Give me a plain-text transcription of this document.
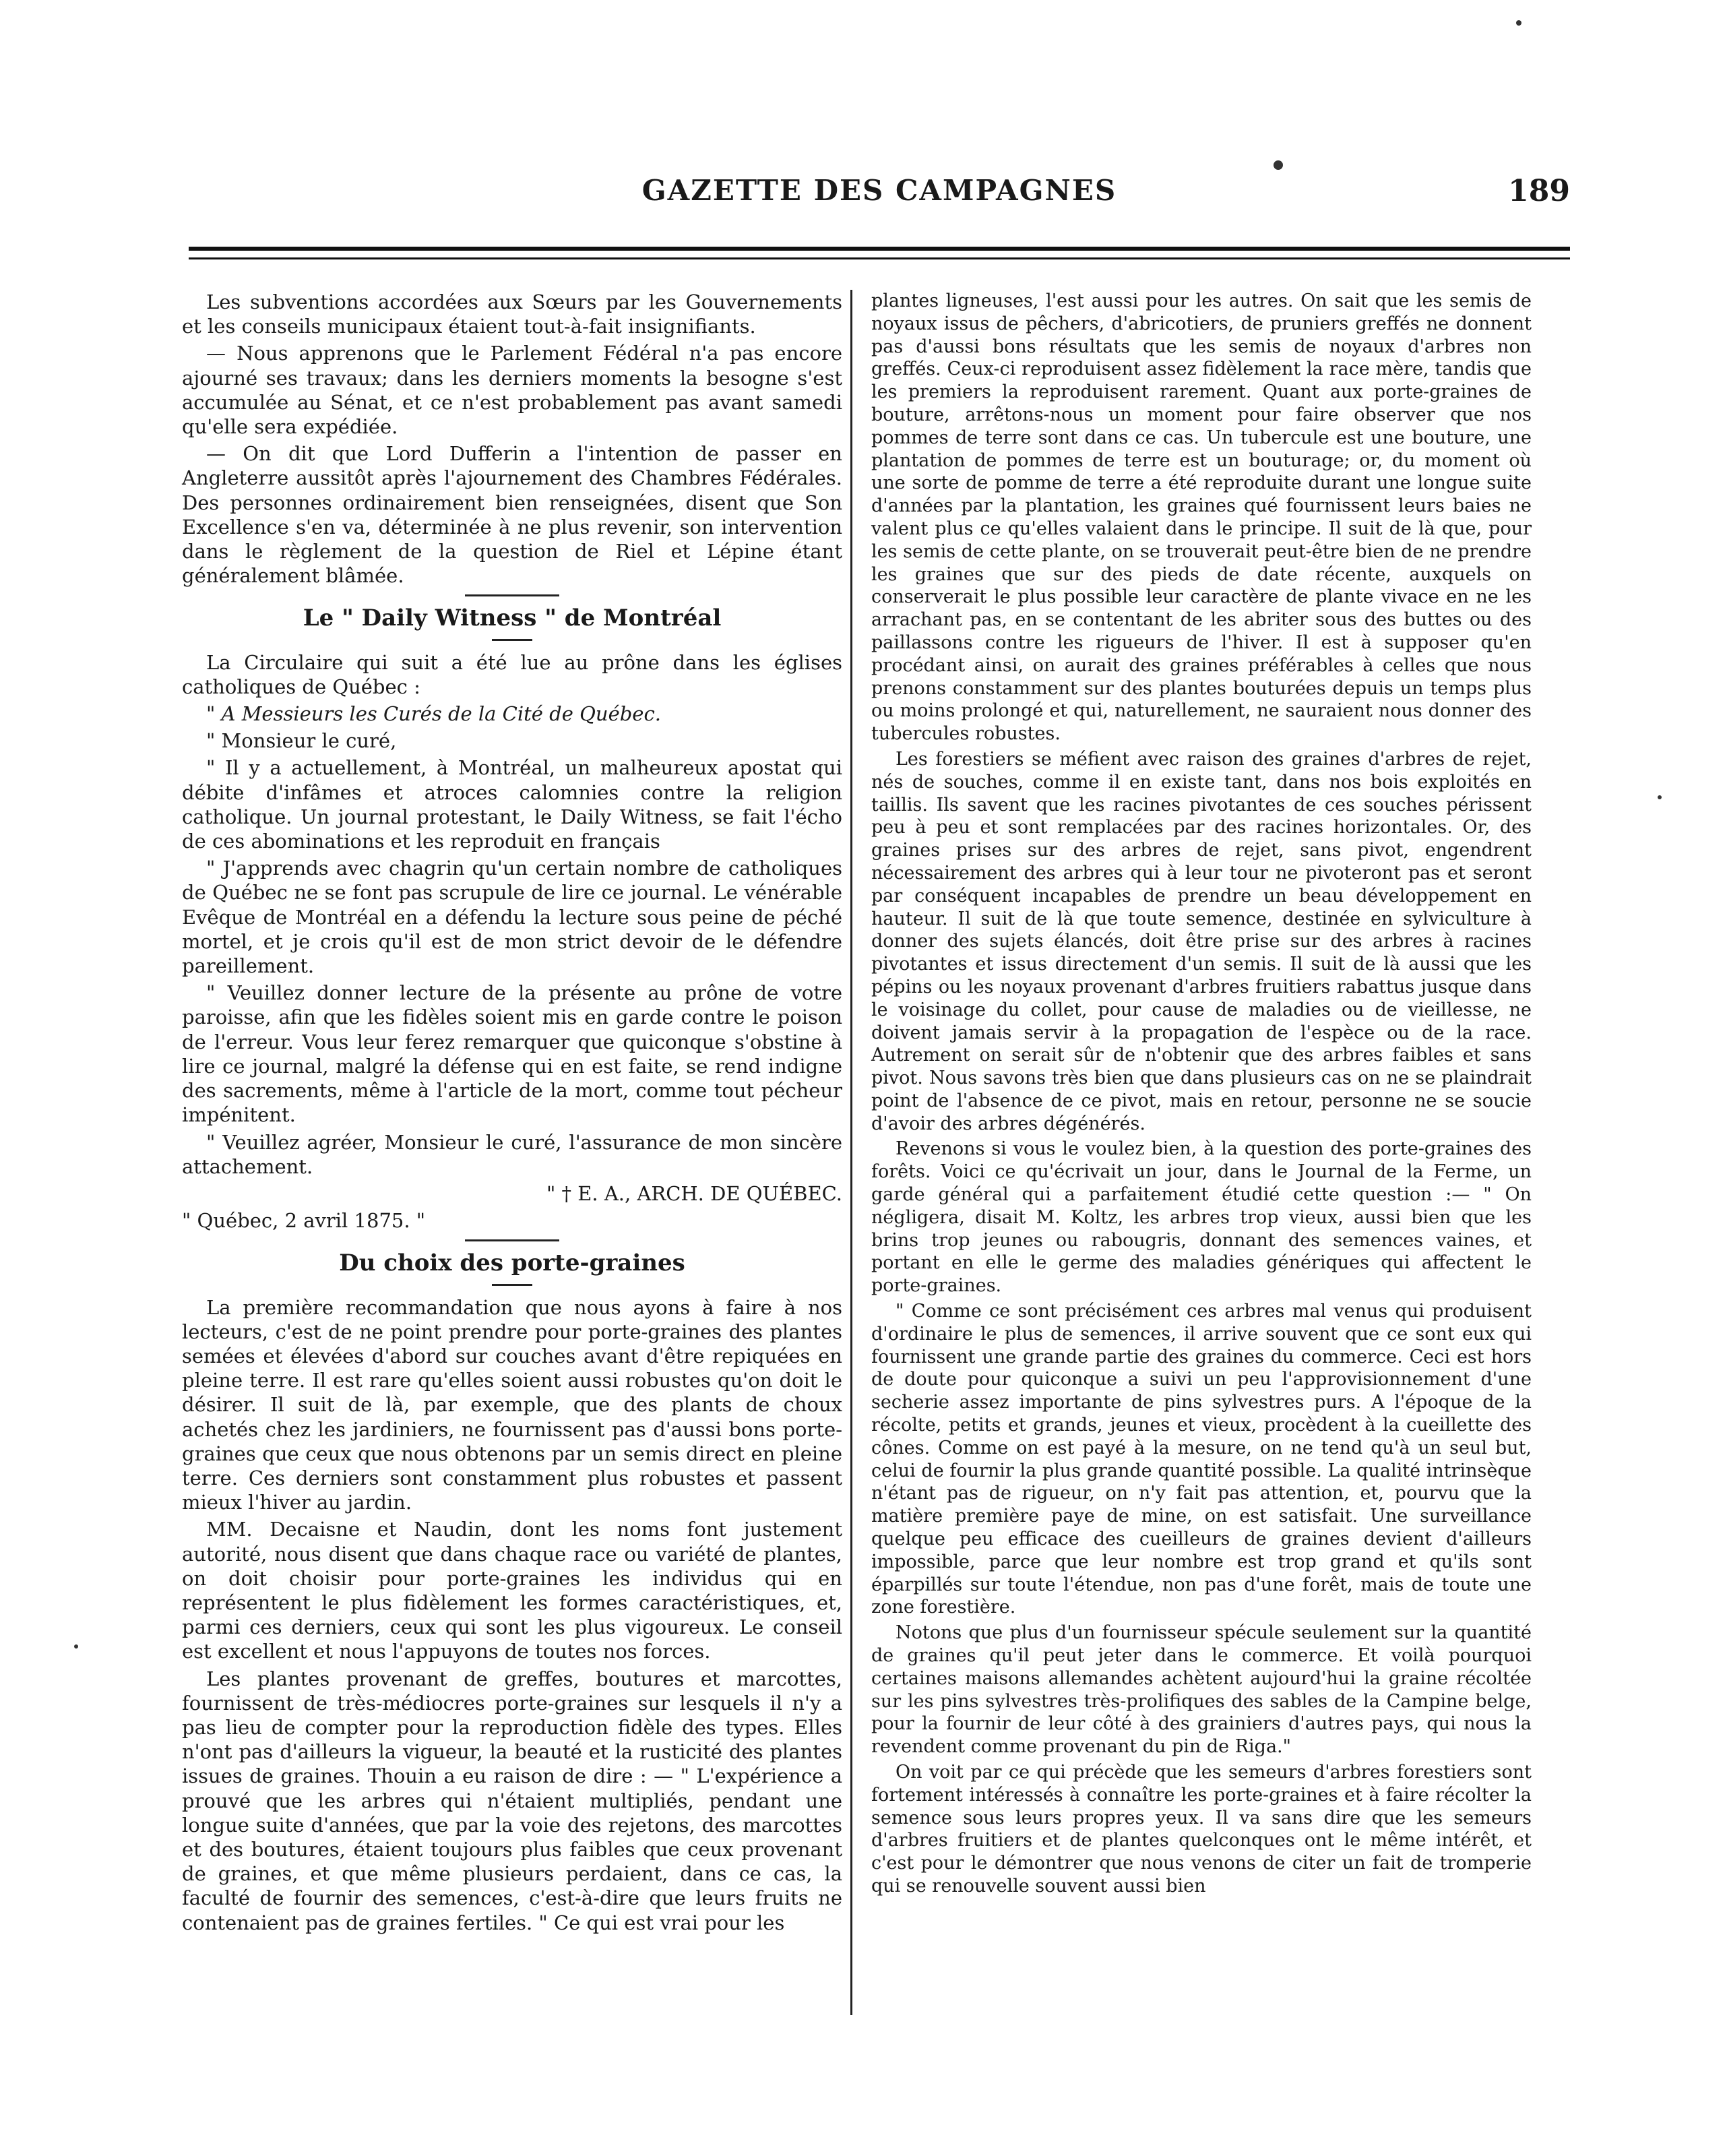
GAZETTE DES CAMPAGNES	189

Les subventions accordées aux Sœurs par les Gouvernements et les conseils municipaux étaient tout-à-fait insignifiants.

— Nous apprenons que le Parlement Fédéral n'a pas encore ajourné ses travaux; dans les derniers moments la besogne s'est accumulée au Sénat, et ce n'est probablement pas avant samedi qu'elle sera expédiée.

— On dit que Lord Dufferin a l'intention de passer en Angleterre aussitôt après l'ajournement des Chambres Fédérales. Des personnes ordinairement bien renseignées, disent que Son Excellence s'en va, déterminée à ne plus revenir, son intervention dans le règlement de la question de Riel et Lépine étant généralement blâmée.

Le " Daily Witness " de Montréal

La Circulaire qui suit a été lue au prône dans les églises catholiques de Québec :

" A Messieurs les Curés de la Cité de Québec.

" Monsieur le curé,

" Il y a actuellement, à Montréal, un malheureux apostat qui débite d'infâmes et atroces calomnies contre la religion catholique. Un journal protestant, le Daily Witness, se fait l'écho de ces abominations et les reproduit en français

" J'apprends avec chagrin qu'un certain nombre de catholiques de Québec ne se font pas scrupule de lire ce journal. Le vénérable Evêque de Montréal en a défendu la lecture sous peine de péché mortel, et je crois qu'il est de mon strict devoir de le défendre pareillement.

" Veuillez donner lecture de la présente au prône de votre paroisse, afin que les fidèles soient mis en garde contre le poison de l'erreur. Vous leur ferez remarquer que quiconque s'obstine à lire ce journal, malgré la défense qui en est faite, se rend indigne des sacrements, même à l'article de la mort, comme tout pécheur impénitent.

" Veuillez agréer, Monsieur le curé, l'assurance de mon sincère attachement.

" † E. A., ARCH. DE QUÉBEC.

" Québec, 2 avril 1875. "

Du choix des porte-graines

La première recommandation que nous ayons à faire à nos lecteurs, c'est de ne point prendre pour porte-graines des plantes semées et élevées d'abord sur couches avant d'être repiquées en pleine terre. Il est rare qu'elles soient aussi robustes qu'on doit le désirer. Il suit de là, par exemple, que des plants de choux achetés chez les jardiniers, ne fournissent pas d'aussi bons porte-graines que ceux que nous obtenons par un semis direct en pleine terre. Ces derniers sont constamment plus robustes et passent mieux l'hiver au jardin.

MM. Decaisne et Naudin, dont les noms font justement autorité, nous disent que dans chaque race ou variété de plantes, on doit choisir pour porte-graines les individus qui en représentent le plus fidèlement les formes caractéristiques, et, parmi ces derniers, ceux qui sont les plus vigoureux. Le conseil est excellent et nous l'appuyons de toutes nos forces.

Les plantes provenant de greffes, boutures et marcottes, fournissent de très-médiocres porte-graines sur lesquels il n'y a pas lieu de compter pour la reproduction fidèle des types. Elles n'ont pas d'ailleurs la vigueur, la beauté et la rusticité des plantes issues de graines. Thouin a eu raison de dire : — " L'expérience a prouvé que les arbres qui n'étaient multipliés, pendant une longue suite d'années, que par la voie des rejetons, des marcottes et des boutures, étaient toujours plus faibles que ceux provenant de graines, et que même plusieurs perdaient, dans ce cas, la faculté de fournir des semences, c'est-à-dire que leurs fruits ne contenaient pas de graines fertiles. " Ce qui est vrai pour les

plantes ligneuses, l'est aussi pour les autres. On sait que les semis de noyaux issus de pêchers, d'abricotiers, de pruniers greffés ne donnent pas d'aussi bons résultats que les semis de noyaux d'arbres non greffés. Ceux-ci reproduisent assez fidèlement la race mère, tandis que les premiers la reproduisent rarement. Quant aux porte-graines de bouture, arrêtons-nous un moment pour faire observer que nos pommes de terre sont dans ce cas. Un tubercule est une bouture, une plantation de pommes de terre est un bouturage; or, du moment où une sorte de pomme de terre a été reproduite durant une longue suite d'années par la plantation, les graines qué fournissent leurs baies ne valent plus ce qu'elles valaient dans le principe. Il suit de là que, pour les semis de cette plante, on se trouverait peut-être bien de ne prendre les graines que sur des pieds de date récente, auxquels on conserverait le plus possible leur caractère de plante vivace en ne les arrachant pas, en se contentant de les abriter sous des buttes ou des paillassons contre les rigueurs de l'hiver. Il est à supposer qu'en procédant ainsi, on aurait des graines préférables à celles que nous prenons constamment sur des plantes bouturées depuis un temps plus ou moins prolongé et qui, naturellement, ne sauraient nous donner des tubercules robustes.

Les forestiers se méfient avec raison des graines d'arbres de rejet, nés de souches, comme il en existe tant, dans nos bois exploités en taillis. Ils savent que les racines pivotantes de ces souches périssent peu à peu et sont remplacées par des racines horizontales. Or, des graines prises sur des arbres de rejet, sans pivot, engendrent nécessairement des arbres qui à leur tour ne pivoteront pas et seront par conséquent incapables de prendre un beau développement en hauteur. Il suit de là que toute semence, destinée en sylviculture à donner des sujets élancés, doit être prise sur des arbres à racines pivotantes et issus directement d'un semis. Il suit de là aussi que les pépins ou les noyaux provenant d'arbres fruitiers rabattus jusque dans le voisinage du collet, pour cause de maladies ou de vieillesse, ne doivent jamais servir à la propagation de l'espèce ou de la race. Autrement on serait sûr de n'obtenir que des arbres faibles et sans pivot. Nous savons très bien que dans plusieurs cas on ne se plaindrait point de l'absence de ce pivot, mais en retour, personne ne se soucie d'avoir des arbres dégénérés.

Revenons si vous le voulez bien, à la question des porte-graines des forêts. Voici ce qu'écrivait un jour, dans le Journal de la Ferme, un garde général qui a parfaitement étudié cette question :— " On négligera, disait M. Koltz, les arbres trop vieux, aussi bien que les brins trop jeunes ou rabougris, donnant des semences vaines, et portant en elle le germe des maladies génériques qui affectent le porte-graines.

" Comme ce sont précisément ces arbres mal venus qui produisent d'ordinaire le plus de semences, il arrive souvent que ce sont eux qui fournissent une grande partie des graines du commerce. Ceci est hors de doute pour quiconque a suivi un peu l'approvisionnement d'une secherie assez importante de pins sylvestres purs. A l'époque de la récolte, petits et grands, jeunes et vieux, procèdent à la cueillette des cônes. Comme on est payé à la mesure, on ne tend qu'à un seul but, celui de fournir la plus grande quantité possible. La qualité intrinsèque n'étant pas de rigueur, on n'y fait pas attention, et, pourvu que la matière première paye de mine, on est satisfait. Une surveillance quelque peu efficace des cueilleurs de graines devient d'ailleurs impossible, parce que leur nombre est trop grand et qu'ils sont éparpillés sur toute l'étendue, non pas d'une forêt, mais de toute une zone forestière.

Notons que plus d'un fournisseur spécule seulement sur la quantité de graines qu'il peut jeter dans le commerce. Et voilà pourquoi certaines maisons allemandes achètent aujourd'hui la graine récoltée sur les pins sylvestres très-prolifiques des sables de la Campine belge, pour la fournir de leur côté à des grainiers d'autres pays, qui nous la revendent comme provenant du pin de Riga."

On voit par ce qui précède que les semeurs d'arbres forestiers sont fortement intéressés à connaître les porte-graines et à faire récolter la semence sous leurs propres yeux. Il va sans dire que les semeurs d'arbres fruitiers et de plantes quelconques ont le même intérêt, et c'est pour le démontrer que nous venons de citer un fait de tromperie qui se renouvelle souvent aussi bien
